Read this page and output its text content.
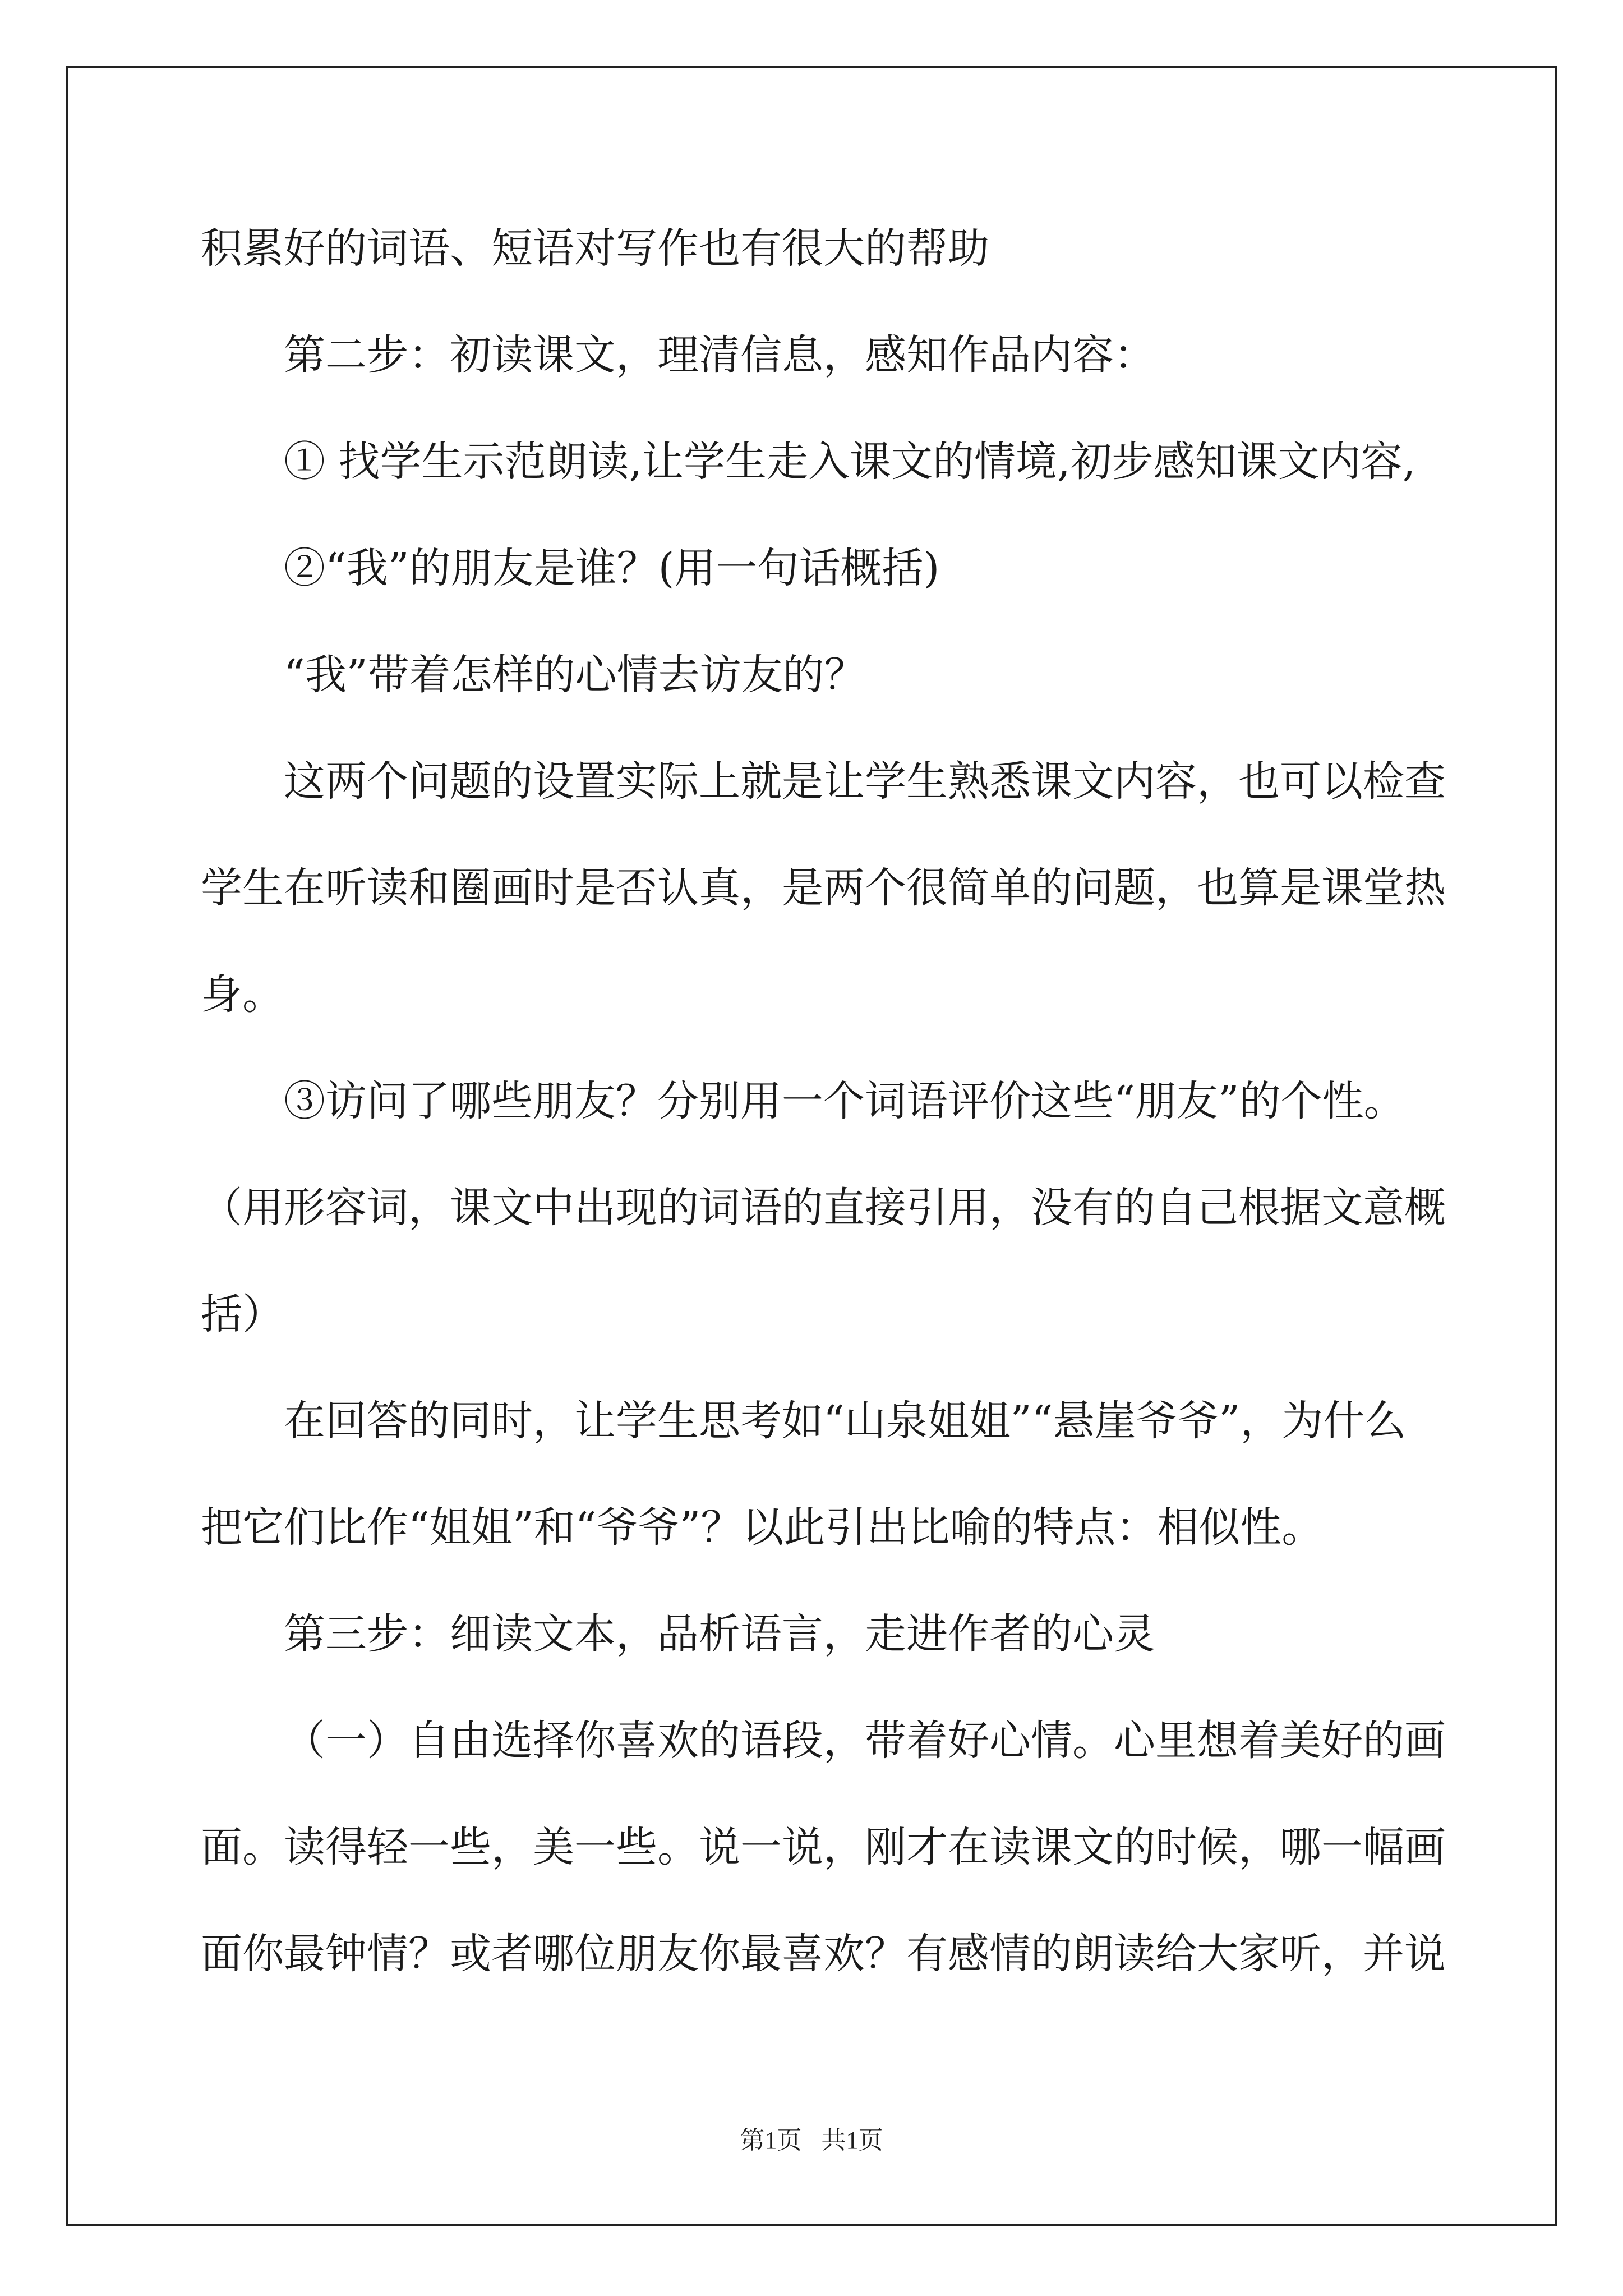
积累好的词语、短语对写作也有很大的帮助
第二步：初读课文，理清信息，感知作品内容：
① 找学生示范朗读,让学生走入课文的情境,初步感知课文内容,
②“我”的朋友是谁？(用一句话概括)
“我”带着怎样的心情去访友的？
这两个问题的设置实际上就是让学生熟悉课文内容，也可以检查
学生在听读和圈画时是否认真，是两个很简单的问题，也算是课堂热
身。
③访问了哪些朋友？分别用一个词语评价这些“朋友”的个性。
（用形容词，课文中出现的词语的直接引用，没有的自己根据文意概
括）
在回答的同时，让学生思考如“山泉姐姐”“悬崖爷爷”，为什么
把它们比作“姐姐”和“爷爷”？以此引出比喻的特点：相似性。
第三步：细读文本，品析语言，走进作者的心灵
（一）自由选择你喜欢的语段，带着好心情。心里想着美好的画
面。读得轻一些，美一些。说一说，刚才在读课文的时候，哪一幅画
面你最钟情？或者哪位朋友你最喜欢？有感情的朗读给大家听，并说
第1页 共1页
